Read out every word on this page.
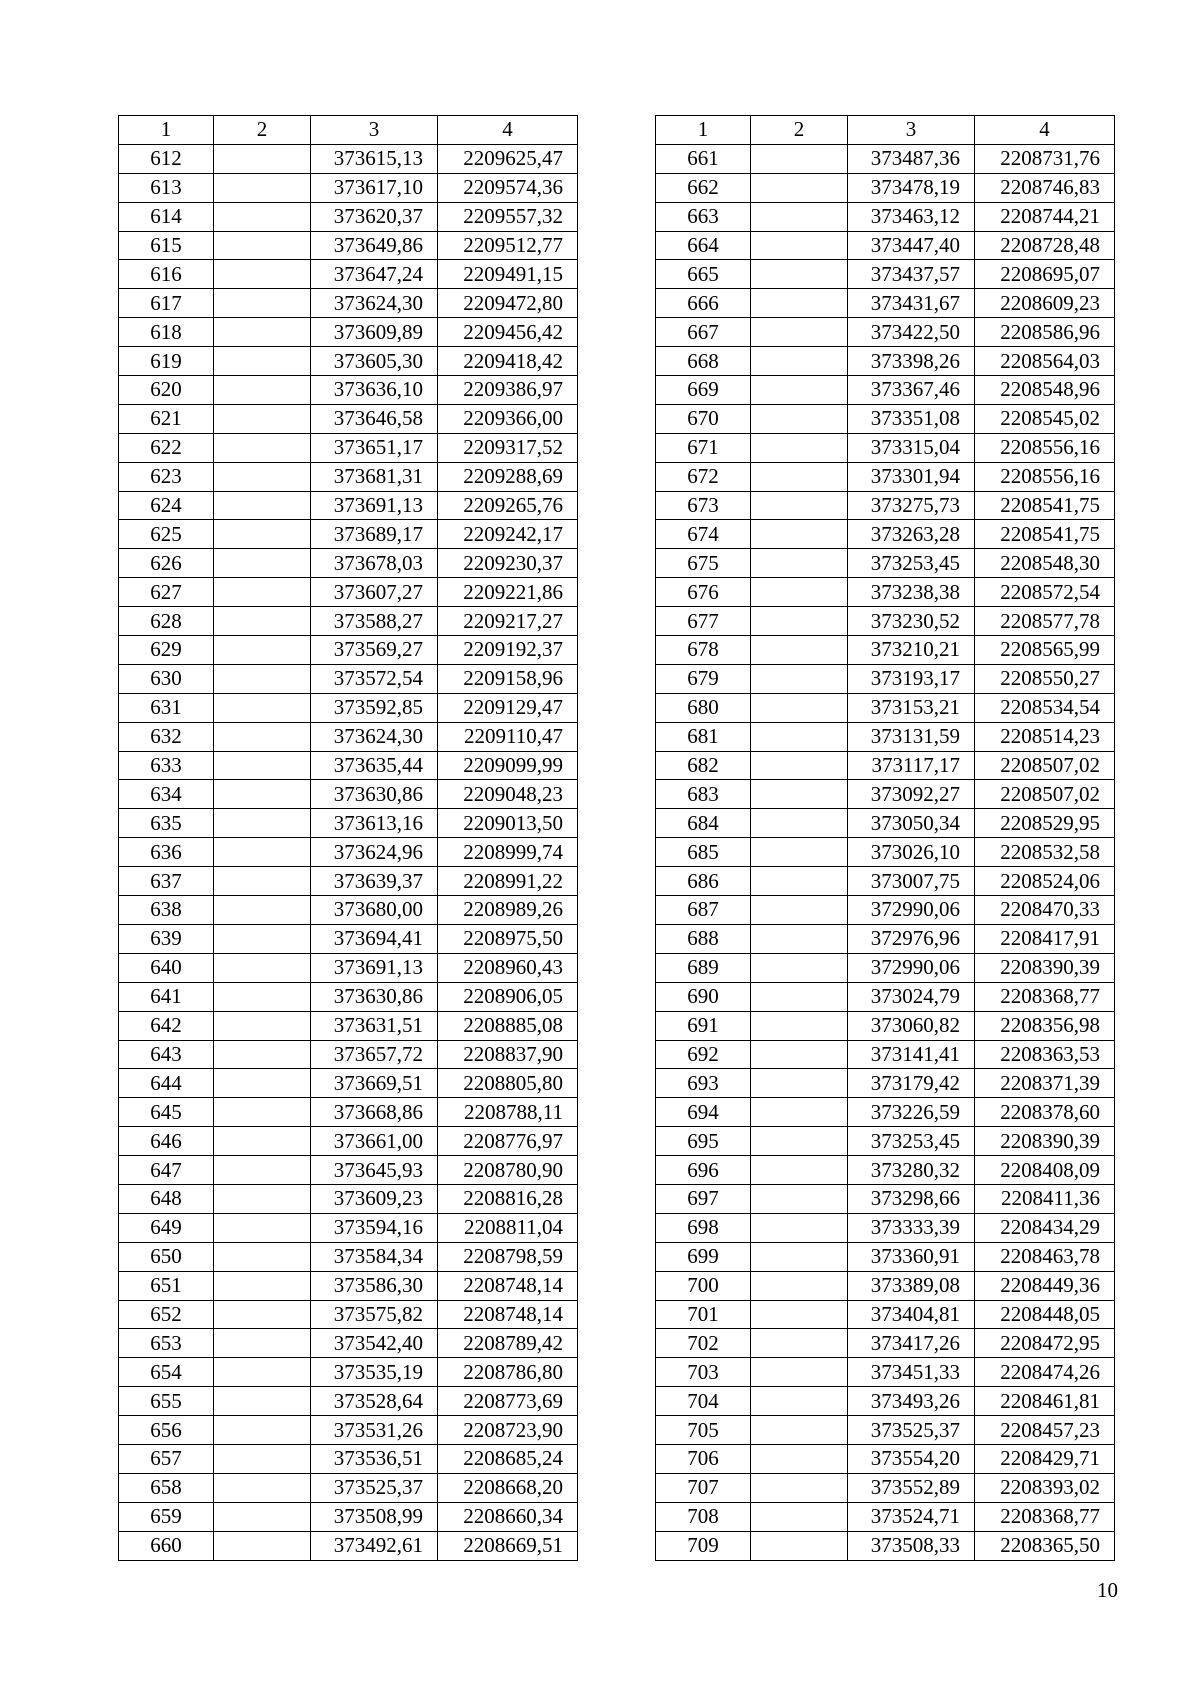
1	2	3	4
612		373615,13	2209625,47
613		373617,10	2209574,36
614		373620,37	2209557,32
615		373649,86	2209512,77
616		373647,24	2209491,15
617		373624,30	2209472,80
618		373609,89	2209456,42
619		373605,30	2209418,42
620		373636,10	2209386,97
621		373646,58	2209366,00
622		373651,17	2209317,52
623		373681,31	2209288,69
624		373691,13	2209265,76
625		373689,17	2209242,17
626		373678,03	2209230,37
627		373607,27	2209221,86
628		373588,27	2209217,27
629		373569,27	2209192,37
630		373572,54	2209158,96
631		373592,85	2209129,47
632		373624,30	2209110,47
633		373635,44	2209099,99
634		373630,86	2209048,23
635		373613,16	2209013,50
636		373624,96	2208999,74
637		373639,37	2208991,22
638		373680,00	2208989,26
639		373694,41	2208975,50
640		373691,13	2208960,43
641		373630,86	2208906,05
642		373631,51	2208885,08
643		373657,72	2208837,90
644		373669,51	2208805,80
645		373668,86	2208788,11
646		373661,00	2208776,97
647		373645,93	2208780,90
648		373609,23	2208816,28
649		373594,16	2208811,04
650		373584,34	2208798,59
651		373586,30	2208748,14
652		373575,82	2208748,14
653		373542,40	2208789,42
654		373535,19	2208786,80
655		373528,64	2208773,69
656		373531,26	2208723,90
657		373536,51	2208685,24
658		373525,37	2208668,20
659		373508,99	2208660,34
660		373492,61	2208669,51
1	2	3	4
661		373487,36	2208731,76
662		373478,19	2208746,83
663		373463,12	2208744,21
664		373447,40	2208728,48
665		373437,57	2208695,07
666		373431,67	2208609,23
667		373422,50	2208586,96
668		373398,26	2208564,03
669		373367,46	2208548,96
670		373351,08	2208545,02
671		373315,04	2208556,16
672		373301,94	2208556,16
673		373275,73	2208541,75
674		373263,28	2208541,75
675		373253,45	2208548,30
676		373238,38	2208572,54
677		373230,52	2208577,78
678		373210,21	2208565,99
679		373193,17	2208550,27
680		373153,21	2208534,54
681		373131,59	2208514,23
682		373117,17	2208507,02
683		373092,27	2208507,02
684		373050,34	2208529,95
685		373026,10	2208532,58
686		373007,75	2208524,06
687		372990,06	2208470,33
688		372976,96	2208417,91
689		372990,06	2208390,39
690		373024,79	2208368,77
691		373060,82	2208356,98
692		373141,41	2208363,53
693		373179,42	2208371,39
694		373226,59	2208378,60
695		373253,45	2208390,39
696		373280,32	2208408,09
697		373298,66	2208411,36
698		373333,39	2208434,29
699		373360,91	2208463,78
700		373389,08	2208449,36
701		373404,81	2208448,05
702		373417,26	2208472,95
703		373451,33	2208474,26
704		373493,26	2208461,81
705		373525,37	2208457,23
706		373554,20	2208429,71
707		373552,89	2208393,02
708		373524,71	2208368,77
709		373508,33	2208365,50
10
